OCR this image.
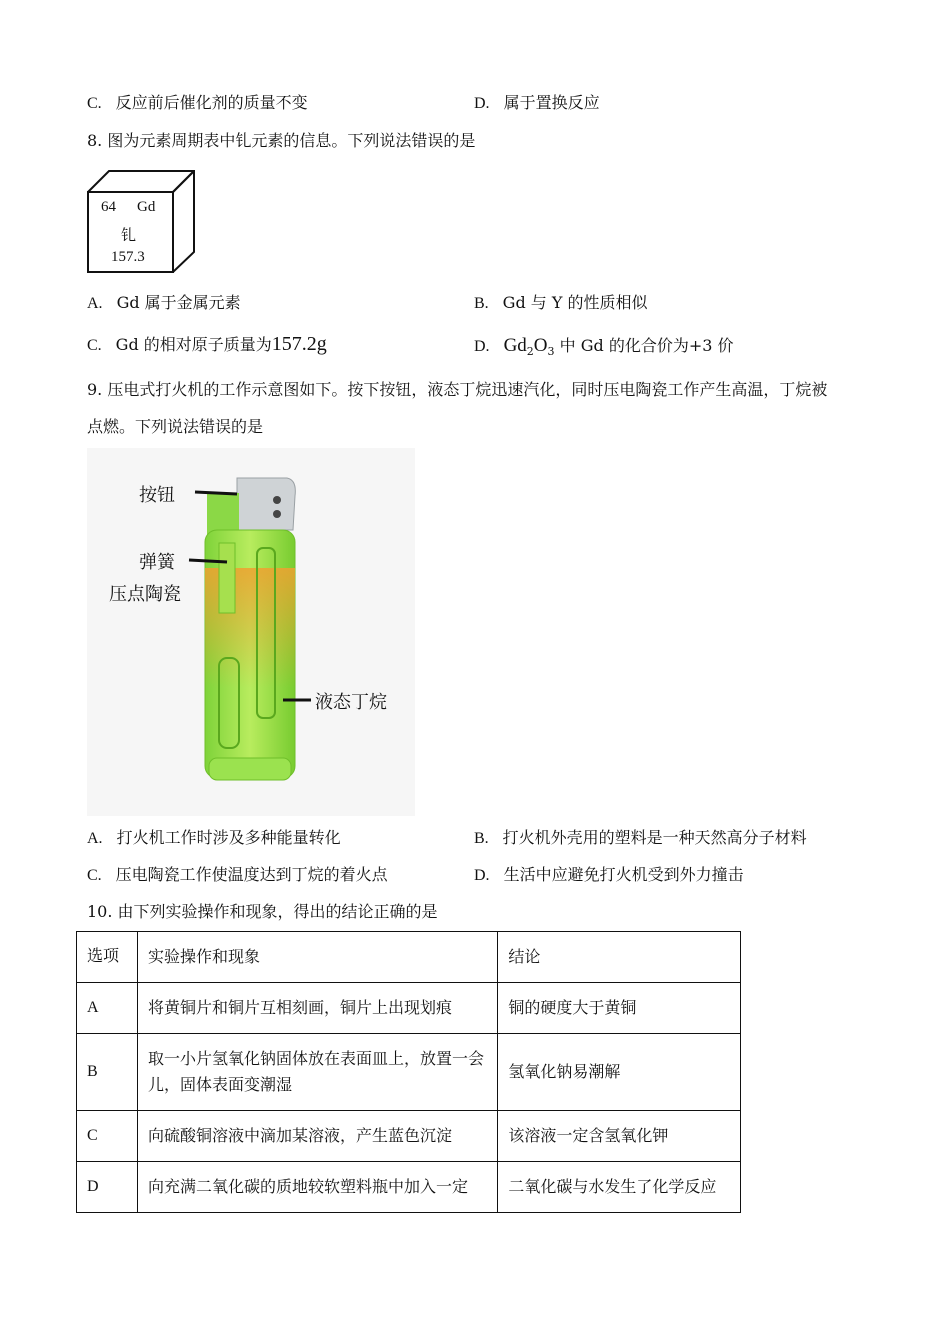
C. 反应前后催化剂的质量不变	D. 属于置换反应
8. 图为元素周期表中钆元素的信息。下列说法错误的是
64 Gd
钆
157.3
A. Gd 属于金属元素	B. Gd 与 Y 的性质相似
C. Gd 的相对原子质量为157.2g	D. $Gd_2O_3$ 中 Gd 的化合价为+3 价
9. 压电式打火机的工作示意图如下。按下按钮，液态丁烷迅速汽化，同时压电陶瓷工作产生高温，丁烷被
点燃。下列说法错误的是
按钮
弹簧
压点陶瓷
液态丁烷
A. 打火机工作时涉及多种能量转化	B. 打火机外壳用的塑料是一种天然高分子材料
C. 压电陶瓷工作使温度达到丁烷的着火点	D. 生活中应避免打火机受到外力撞击
10. 由下列实验操作和现象，得出的结论正确的是
选项	实验操作和现象	结论
A	将黄铜片和铜片互相刻画，铜片上出现划痕	铜的硬度大于黄铜
B	取一小片氢氧化钠固体放在表面皿上，放置一会儿，固体表面变潮湿	氢氧化钠易潮解
C	向硫酸铜溶液中滴加某溶液，产生蓝色沉淀	该溶液一定含氢氧化钾
D	向充满二氧化碳的质地较软塑料瓶中加入一定	二氧化碳与水发生了化学反应
